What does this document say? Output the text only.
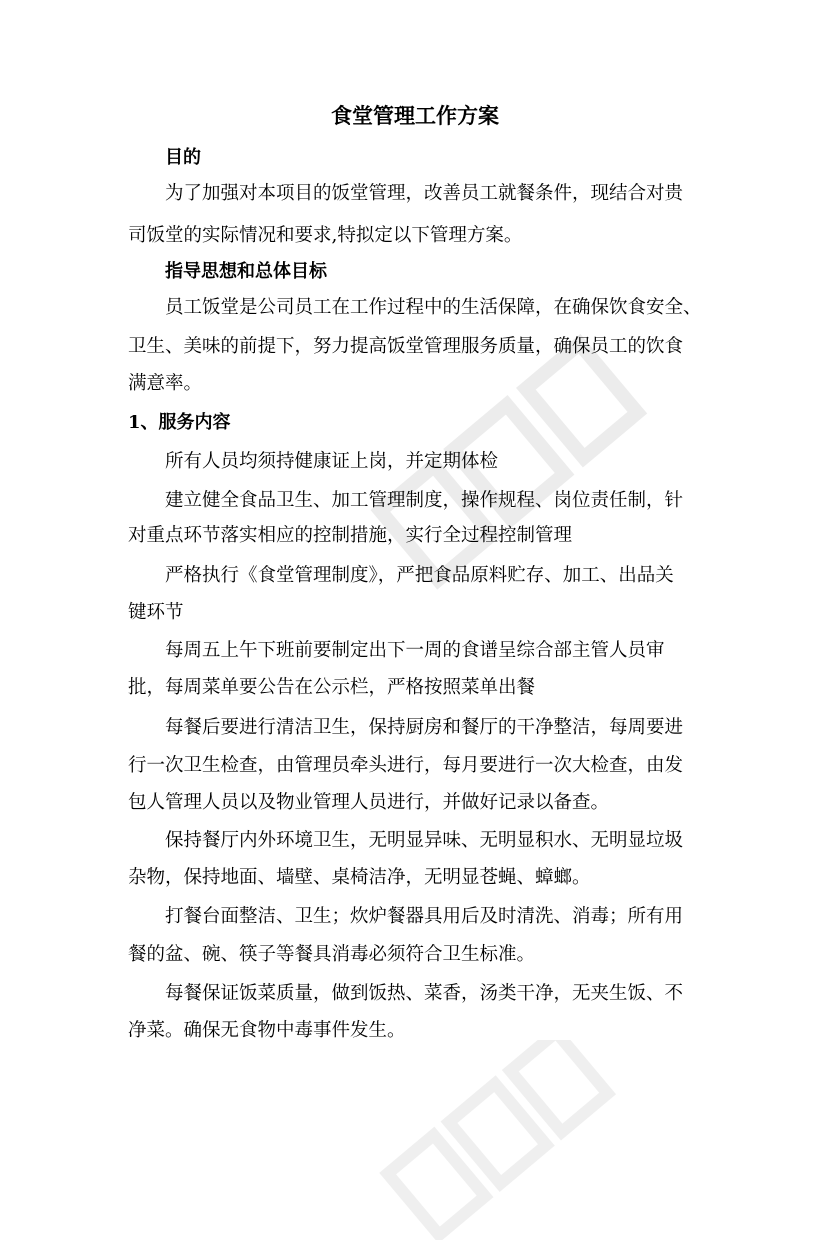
食堂管理工作方案
目的
为了加强对本项目的饭堂管理，改善员工就餐条件，现结合对贵
司饭堂的实际情况和要求,特拟定以下管理方案。
指导思想和总体目标
员工饭堂是公司员工在工作过程中的生活保障，在确保饮食安全、
卫生、美味的前提下，努力提高饭堂管理服务质量，确保员工的饮食
满意率。
1、服务内容
所有人员均须持健康证上岗，并定期体检
建立健全食品卫生、加工管理制度，操作规程、岗位责任制，针
对重点环节落实相应的控制措施，实行全过程控制管理
严格执行《食堂管理制度》，严把食品原料贮存、加工、出品关
键环节
每周五上午下班前要制定出下一周的食谱呈综合部主管人员审
批，每周菜单要公告在公示栏，严格按照菜单出餐
每餐后要进行清洁卫生，保持厨房和餐厅的干净整洁，每周要进
行一次卫生检查，由管理员牵头进行，每月要进行一次大检查，由发
包人管理人员以及物业管理人员进行，并做好记录以备查。
保持餐厅内外环境卫生，无明显异味、无明显积水、无明显垃圾
杂物，保持地面、墙壁、桌椅洁净，无明显苍蝇、蟑螂。
打餐台面整洁、卫生；炊炉餐器具用后及时清洗、消毒；所有用
餐的盆、碗、筷子等餐具消毒必须符合卫生标准。
每餐保证饭菜质量，做到饭热、菜香，汤类干净，无夹生饭、不
净菜。确保无食物中毒事件发生。
